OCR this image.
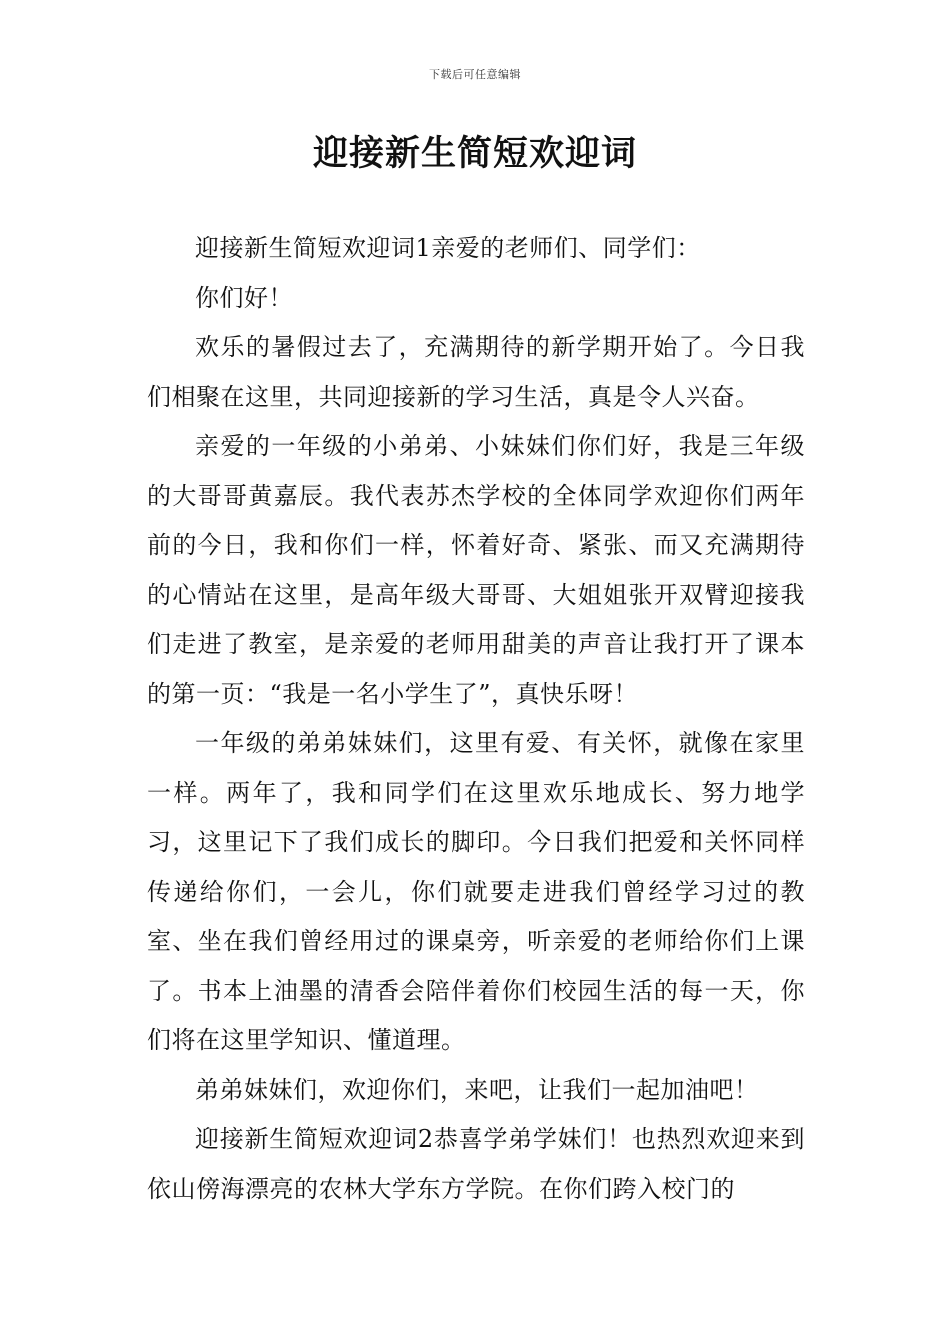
下载后可任意编辑
迎接新生简短欢迎词

迎接新生简短欢迎词1亲爱的老师们、同学们：

你们好！

欢乐的暑假过去了，充满期待的新学期开始了。今日我们相聚在这里，共同迎接新的学习生活，真是令人兴奋。

亲爱的一年级的小弟弟、小妹妹们你们好，我是三年级的大哥哥黄嘉辰。我代表苏杰学校的全体同学欢迎你们两年前的今日，我和你们一样，怀着好奇、紧张、而又充满期待的心情站在这里，是高年级大哥哥、大姐姐张开双臂迎接我们走进了教室，是亲爱的老师用甜美的声音让我打开了课本的第一页：“我是一名小学生了”，真快乐呀！

一年级的弟弟妹妹们，这里有爱、有关怀，就像在家里一样。两年了，我和同学们在这里欢乐地成长、努力地学习，这里记下了我们成长的脚印。今日我们把爱和关怀同样传递给你们，一会儿，你们就要走进我们曾经学习过的教室、坐在我们曾经用过的课桌旁，听亲爱的老师给你们上课了。书本上油墨的清香会陪伴着你们校园生活的每一天，你们将在这里学知识、懂道理。

弟弟妹妹们，欢迎你们，来吧，让我们一起加油吧！

迎接新生简短欢迎词2恭喜学弟学妹们！也热烈欢迎来到依山傍海漂亮的农林大学东方学院。在你们跨入校门的
